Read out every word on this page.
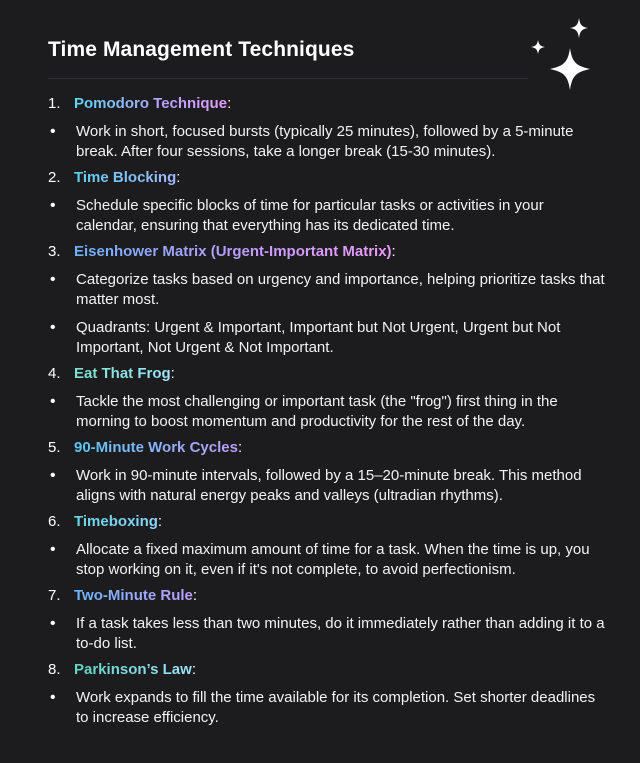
Time Management Techniques
1. Pomodoro Technique:
•	Work in short, focused bursts (typically 25 minutes), followed by a 5-minute break. After four sessions, take a longer break (15-30 minutes).
2. Time Blocking:
•	Schedule specific blocks of time for particular tasks or activities in your calendar, ensuring that everything has its dedicated time.
3. Eisenhower Matrix (Urgent-Important Matrix):
•	Categorize tasks based on urgency and importance, helping prioritize tasks that matter most.
•	Quadrants: Urgent & Important, Important but Not Urgent, Urgent but Not Important, Not Urgent & Not Important.
4. Eat That Frog:
•	Tackle the most challenging or important task (the "frog") first thing in the morning to boost momentum and productivity for the rest of the day.
5. 90-Minute Work Cycles:
•	Work in 90-minute intervals, followed by a 15–20-minute break. This method aligns with natural energy peaks and valleys (ultradian rhythms).
6. Timeboxing:
•	Allocate a fixed maximum amount of time for a task. When the time is up, you stop working on it, even if it's not complete, to avoid perfectionism.
7. Two-Minute Rule:
•	If a task takes less than two minutes, do it immediately rather than adding it to a to-do list.
8. Parkinson’s Law:
•	Work expands to fill the time available for its completion. Set shorter deadlines to increase efficiency.
